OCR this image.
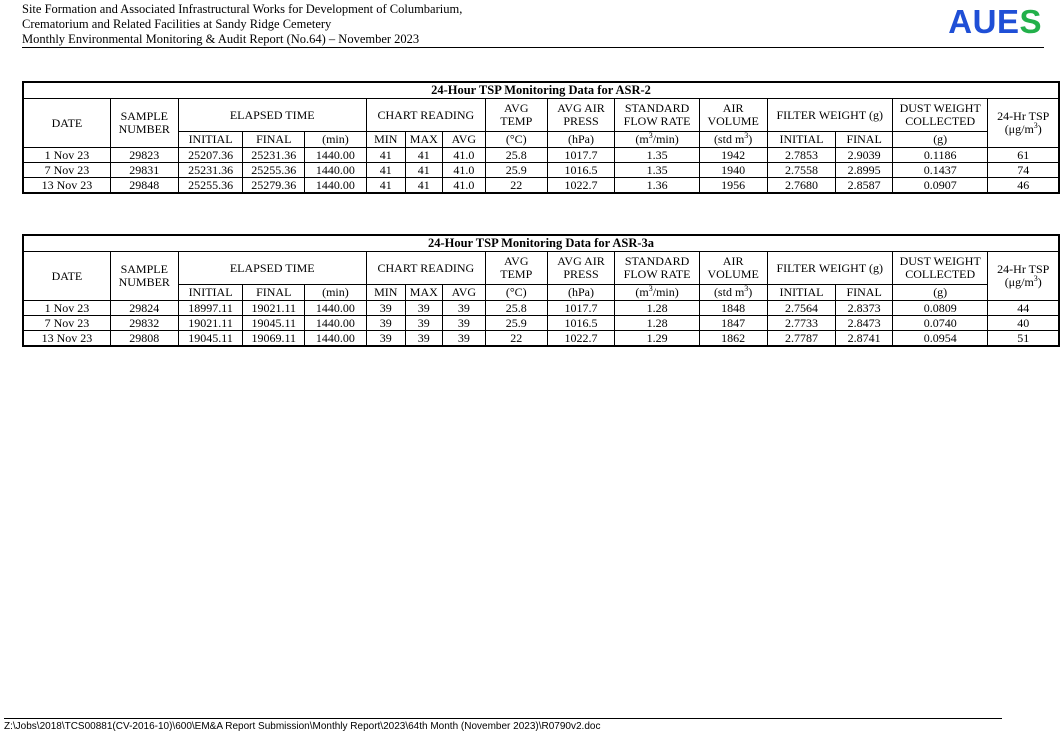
Site Formation and Associated Infrastructural Works for Development of Columbarium,
Crematorium and Related Facilities at Sandy Ridge Cemetery
Monthly Environmental Monitoring & Audit Report (No.64) – November 2023	AUES
24-Hour TSP Monitoring Data for ASR-2															
DATE	SAMPLE NUMBER	ELAPSED TIME			CHART READING			AVG TEMP	AVG AIR PRESS	STANDARD FLOW RATE	AIR VOLUME	FILTER WEIGHT (g)		DUST WEIGHT COLLECTED	24-Hr TSP
$(\mu g/m^3)$

		INITIAL	FINAL	(min)	MIN	MAX	AVG	(°C)	(hPa)	$(m^3/\min)$	(std $m^3$)	INITIAL	FINAL	(g)	
1 Nov 23	29823	25207.36	25231.36	1440.00	41	41	41.0	25.8	1017.7	1.35	1942	2.7853	2.9039	0.1186	61
7 Nov 23	29831	25231.36	25255.36	1440.00	41	41	41.0	25.9	1016.5	1.35	1940	2.7558	2.8995	0.1437	74
13 Nov 23	29848	25255.36	25279.36	1440.00	41	41	41.0	22	1022.7	1.36	1956	2.7680	2.8587	0.0907	46
24-Hour TSP Monitoring Data for ASR-3a															
DATE	SAMPLE NUMBER	ELAPSED TIME			CHART READING			AVG TEMP	AVG AIR PRESS	STANDARD FLOW RATE	AIR VOLUME	FILTER WEIGHT (g)		DUST WEIGHT COLLECTED	24-Hr TSP
$(\mu g/m^3)$

		INITIAL	FINAL	(min)	MIN	MAX	AVG	(°C)	(hPa)	$(m^3/\min)$	(std $m^3$)	INITIAL	FINAL	(g)	
1 Nov 23	29824	18997.11	19021.11	1440.00	39	39	39	25.8	1017.7	1.28	1848	2.7564	2.8373	0.0809	44
7 Nov 23	29832	19021.11	19045.11	1440.00	39	39	39	25.9	1016.5	1.28	1847	2.7733	2.8473	0.0740	40
13 Nov 23	29808	19045.11	19069.11	1440.00	39	39	39	22	1022.7	1.29	1862	2.7787	2.8741	0.0954	51
Z:\Jobs\2018\TCS00881(CV-2016-10)\600\EM&A Report Submission\Monthly Report\2023\64th Month (November 2023)\R0790v2.doc
